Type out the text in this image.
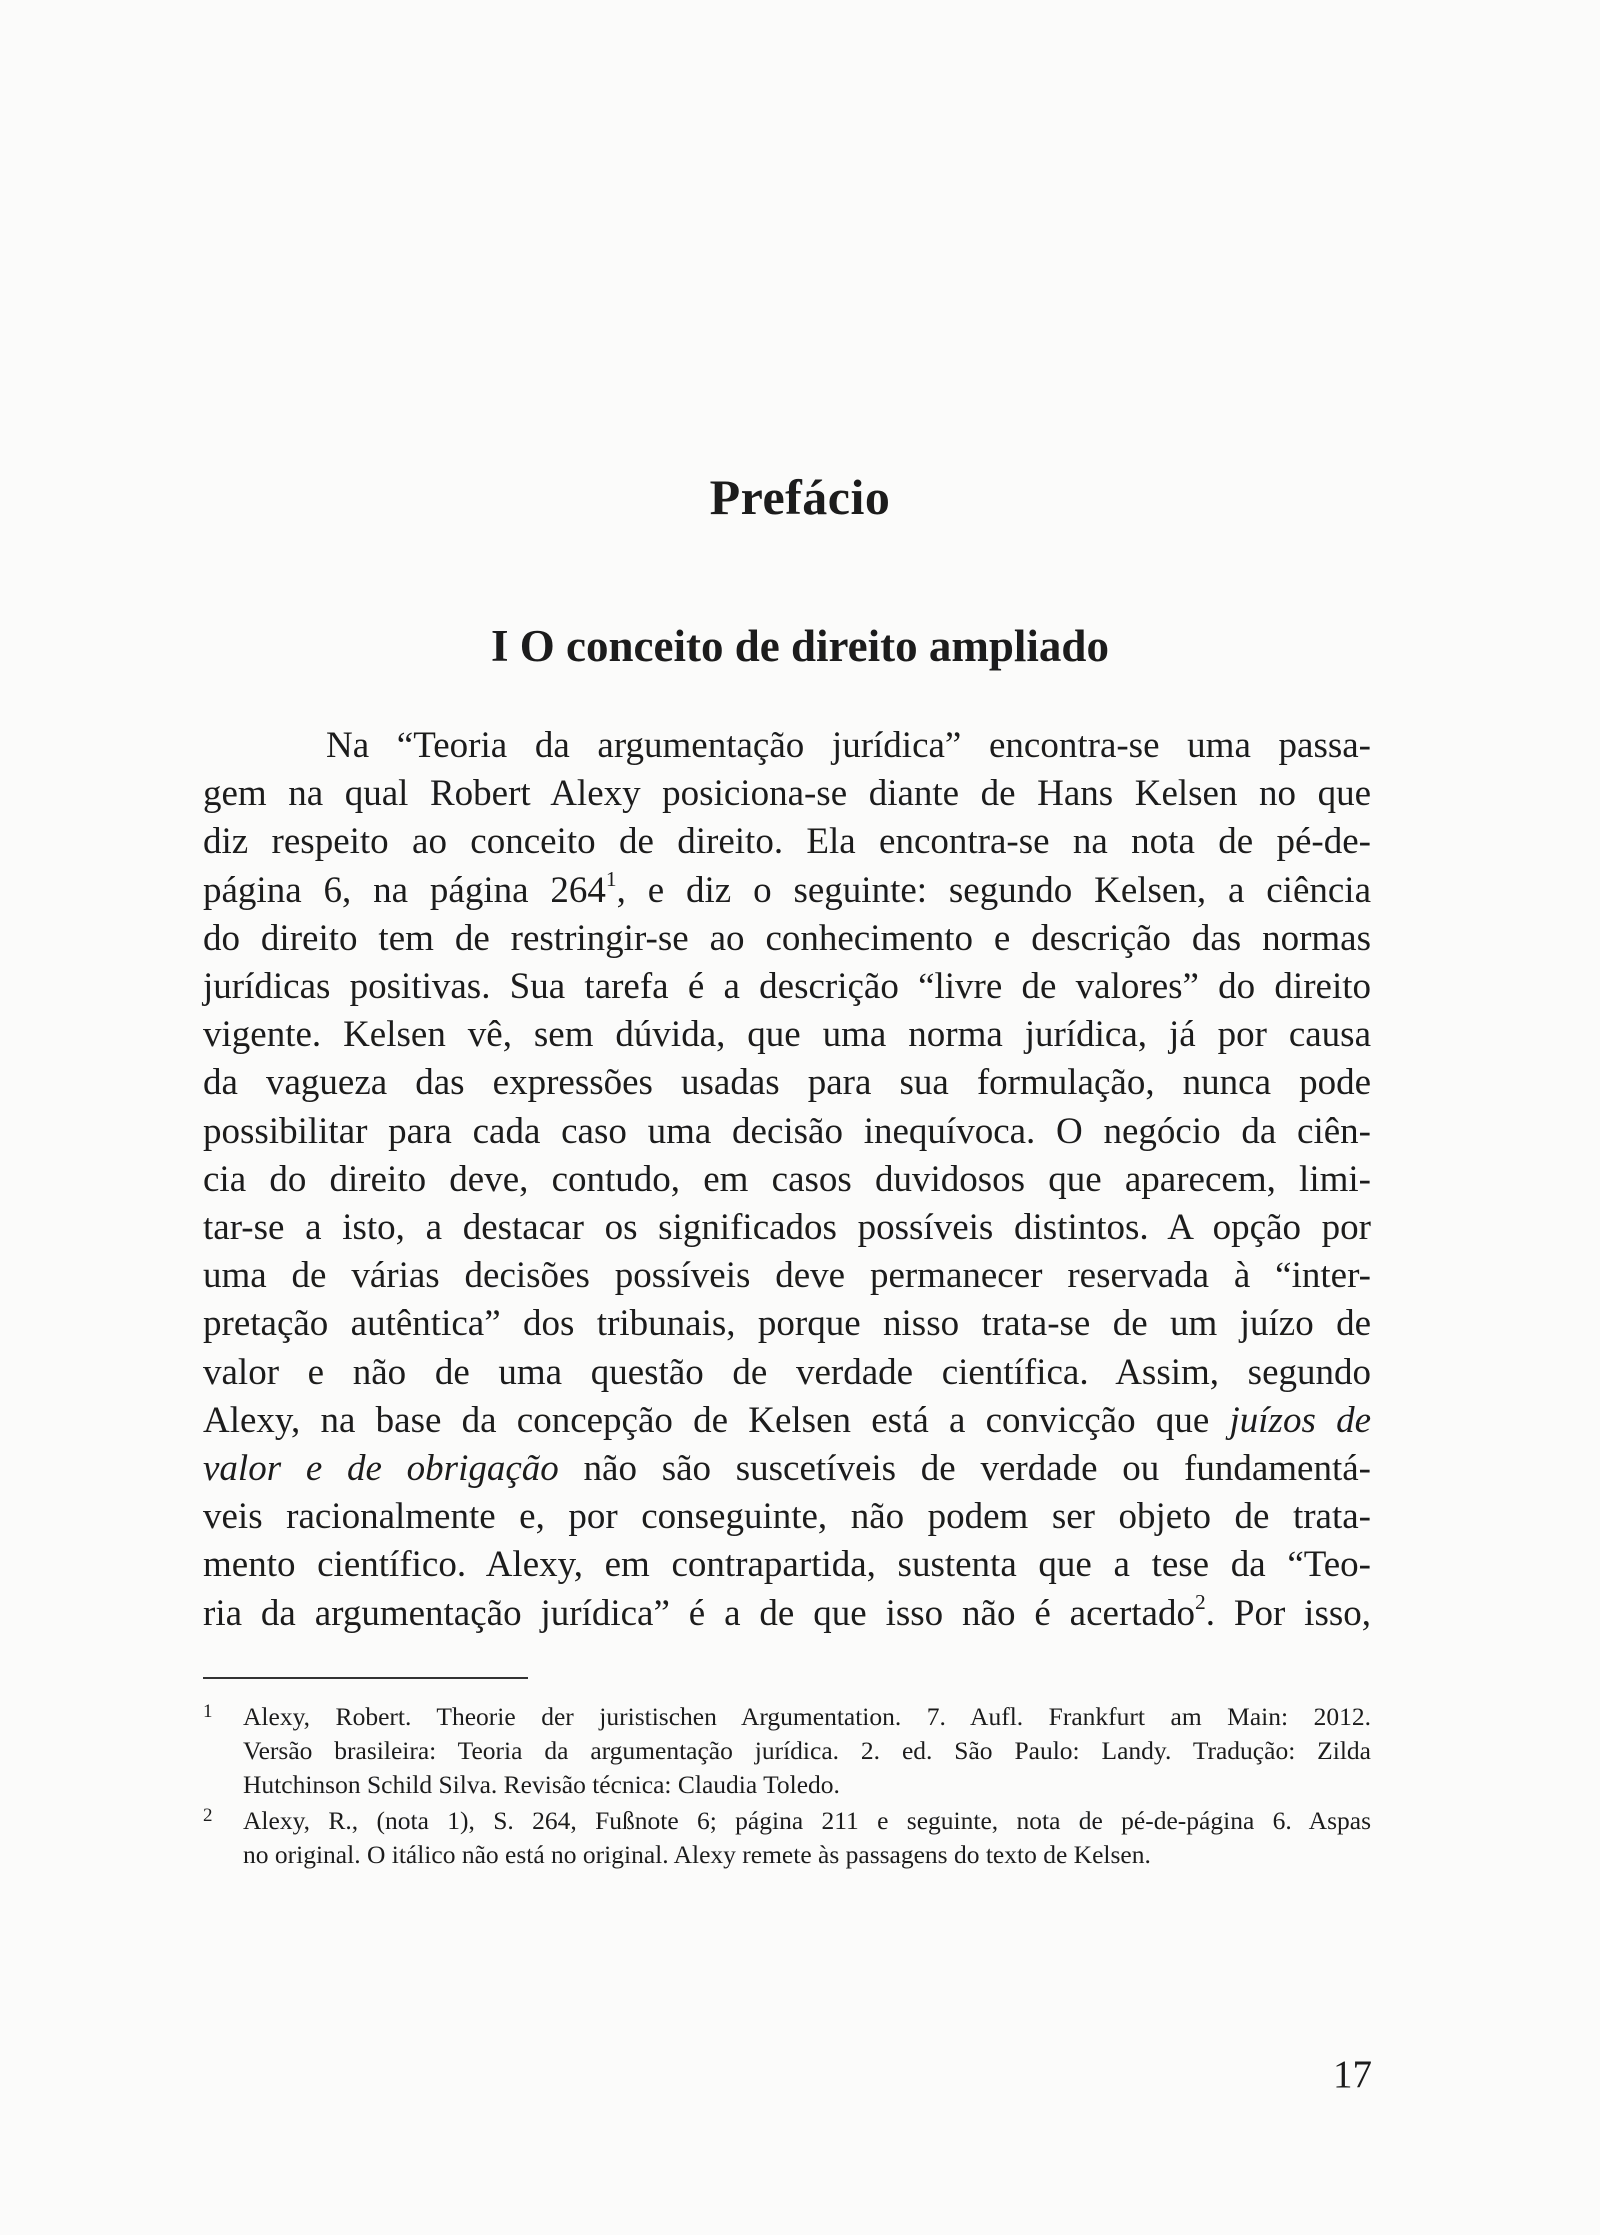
Prefácio
I O conceito de direito ampliado
Na “Teoria da argumentação jurídica” encontra-se uma passa-
gem na qual Robert Alexy posiciona-se diante de Hans Kelsen no que
diz respeito ao conceito de direito. Ela encontra-se na nota de pé-de-
página 6, na página $264^1$, e diz o seguinte: segundo Kelsen, a ciência
do direito tem de restringir-se ao conhecimento e descrição das normas
jurídicas positivas. Sua tarefa é a descrição “livre de valores” do direito
vigente. Kelsen vê, sem dúvida, que uma norma jurídica, já por causa
da vagueza das expressões usadas para sua formulação, nunca pode
possibilitar para cada caso uma decisão inequívoca. O negócio da ciên-
cia do direito deve, contudo, em casos duvidosos que aparecem, limi-
tar-se a isto, a destacar os significados possíveis distintos. A opção por
uma de várias decisões possíveis deve permanecer reservada à “inter-
pretação autêntica” dos tribunais, porque nisso trata-se de um juízo de
valor e não de uma questão de verdade científica. Assim, segundo
Alexy, na base da concepção de Kelsen está a convicção que juízos de
valor e de obrigação não são suscetíveis de verdade ou fundamentá-
veis racionalmente e, por conseguinte, não podem ser objeto de trata-
mento científico. Alexy, em contrapartida, sustenta que a tese da “Teo-
ria da argumentação jurídica” é a de que isso não é acertado$^2$. Por isso,
1 Alexy, Robert. Theorie der juristischen Argumentation. 7. Aufl. Frankfurt am Main: 2012.
Versão brasileira: Teoria da argumentação jurídica. 2. ed. São Paulo: Landy. Tradução: Zilda
Hutchinson Schild Silva. Revisão técnica: Claudia Toledo.
2 Alexy, R., (nota 1), S. 264, Fußnote 6; página 211 e seguinte, nota de pé-de-página 6. Aspas
no original. O itálico não está no original. Alexy remete às passagens do texto de Kelsen.

17
